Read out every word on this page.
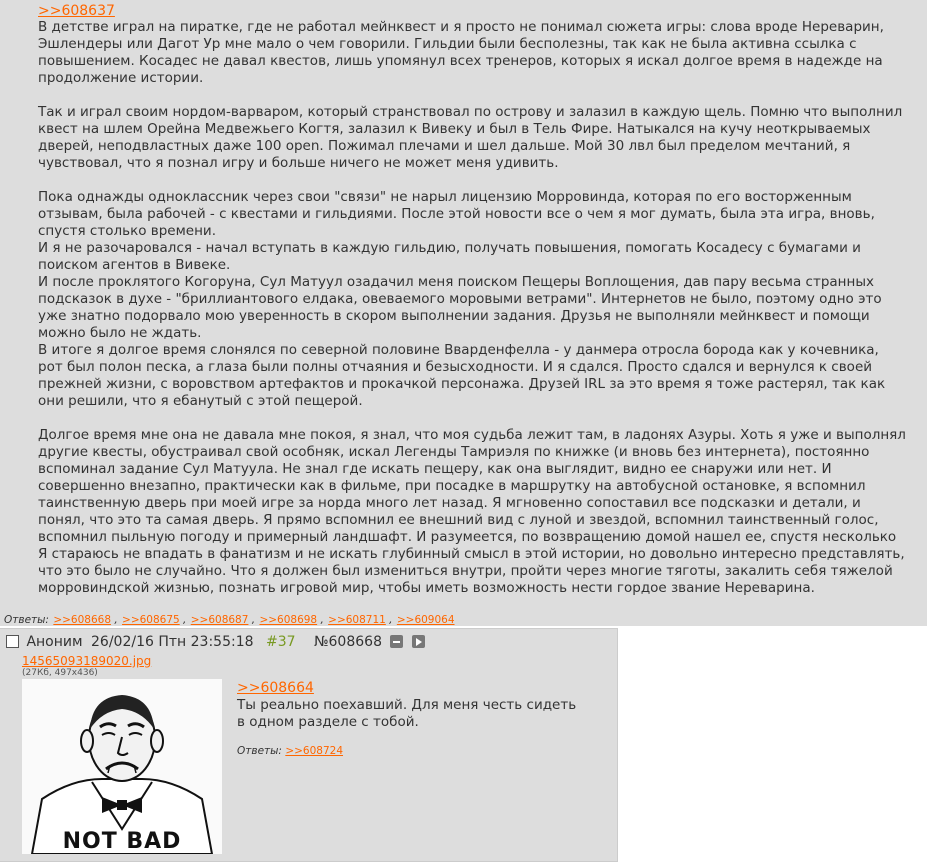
>>608637

В детстве играл на пиратке, где не работал мейнквест и я просто не понимал сюжета игры: слова вроде Нереварин,

Эшлендеры или Дагот Ур мне мало о чем говорили. Гильдии были бесполезны, так как не была активна ссылка с

повышением. Косадес не давал квестов, лишь упомянул всех тренеров, которых я искал долгое время в надежде на

продолжение истории.

Так и играл своим нордом-варваром, который странствовал по острову и залазил в каждую щель. Помню что выполнил

квест на шлем Орейна Медвежьего Когтя, залазил к Вивеку и был в Тель Фире. Натыкался на кучу неоткрываемых

дверей, неподвластных даже 100 open. Пожимал плечами и шел дальше. Мой 30 лвл был пределом мечтаний, я

чувствовал, что я познал игру и больше ничего не может меня удивить.

Пока однажды одноклассник через свои "связи" не нарыл лицензию Морровинда, которая по его восторженным

отзывам, была рабочей - с квестами и гильдиями. После этой новости все о чем я мог думать, была эта игра, вновь,

спустя столько времени.

И я не разочаровался - начал вступать в каждую гильдию, получать повышения, помогать Косадесу с бумагами и

поиском агентов в Вивеке.

И после проклятого Когоруна, Сул Матуул озадачил меня поиском Пещеры Воплощения, дав пару весьма странных

подсказок в духе - "бриллиантового елдака, овеваемого моровыми ветрами". Интернетов не было, поэтому одно это

уже знатно подорвало мою уверенность в скором выполнении задания. Друзья не выполняли мейнквест и помощи

можно было не ждать.

В итоге я долгое время слонялся по северной половине Вварденфелла - у данмера отросла борода как у кочевника,

рот был полон песка, а глаза были полны отчаяния и безысходности. И я сдался. Просто сдался и вернулся к своей

прежней жизни, с воровством артефактов и прокачкой персонажа. Друзей IRL за это время я тоже растерял, так как

они решили, что я ебанутый с этой пещерой.

Долгое время мне она не давала мне покоя, я знал, что моя судьба лежит там, в ладонях Азуры. Хоть я уже и выполнял

другие квесты, обустраивал свой особняк, искал Легенды Тамриэля по книжке (и вновь без интернета), постоянно

вспоминал задание Сул Матуула. Не знал где искать пещеру, как она выглядит, видно ее снаружи или нет. И

совершенно внезапно, практически как в фильме, при посадке в маршрутку на автобусной остановке, я вспомнил

таинственную дверь при моей игре за норда много лет назад. Я мгновенно сопоставил все подсказки и детали, и

понял, что это та самая дверь. Я прямо вспомнил ее внешний вид с луной и звездой, вспомнил таинственный голос,

вспомнил пыльную погоду и примерный ландшафт. И разумеется, по возвращению домой нашел ее, спустя несколько

Я стараюсь не впадать в фанатизм и не искать глубинный смысл в этой истории, но довольно интересно представлять,

что это было не случайно. Что я должен был измениться внутри, пройти через многие тяготы, закалить себя тяжелой

морровиндской жизнью, познать игровой мир, чтобы иметь возможность нести гордое звание Нереварина.

Ответы: >>608668 , >>608675 , >>608687 , >>608698 , >>608711 , >>609064
Аноним 26/02/16 Птн 23:55:18 #37 №608668
14565093189020.jpg
(27Кб, 497x436)
NOT BAD
>>608664
Ты реально поехавший. Для меня честь сидеть в одном разделе с тобой.
Ответы: >>608724
